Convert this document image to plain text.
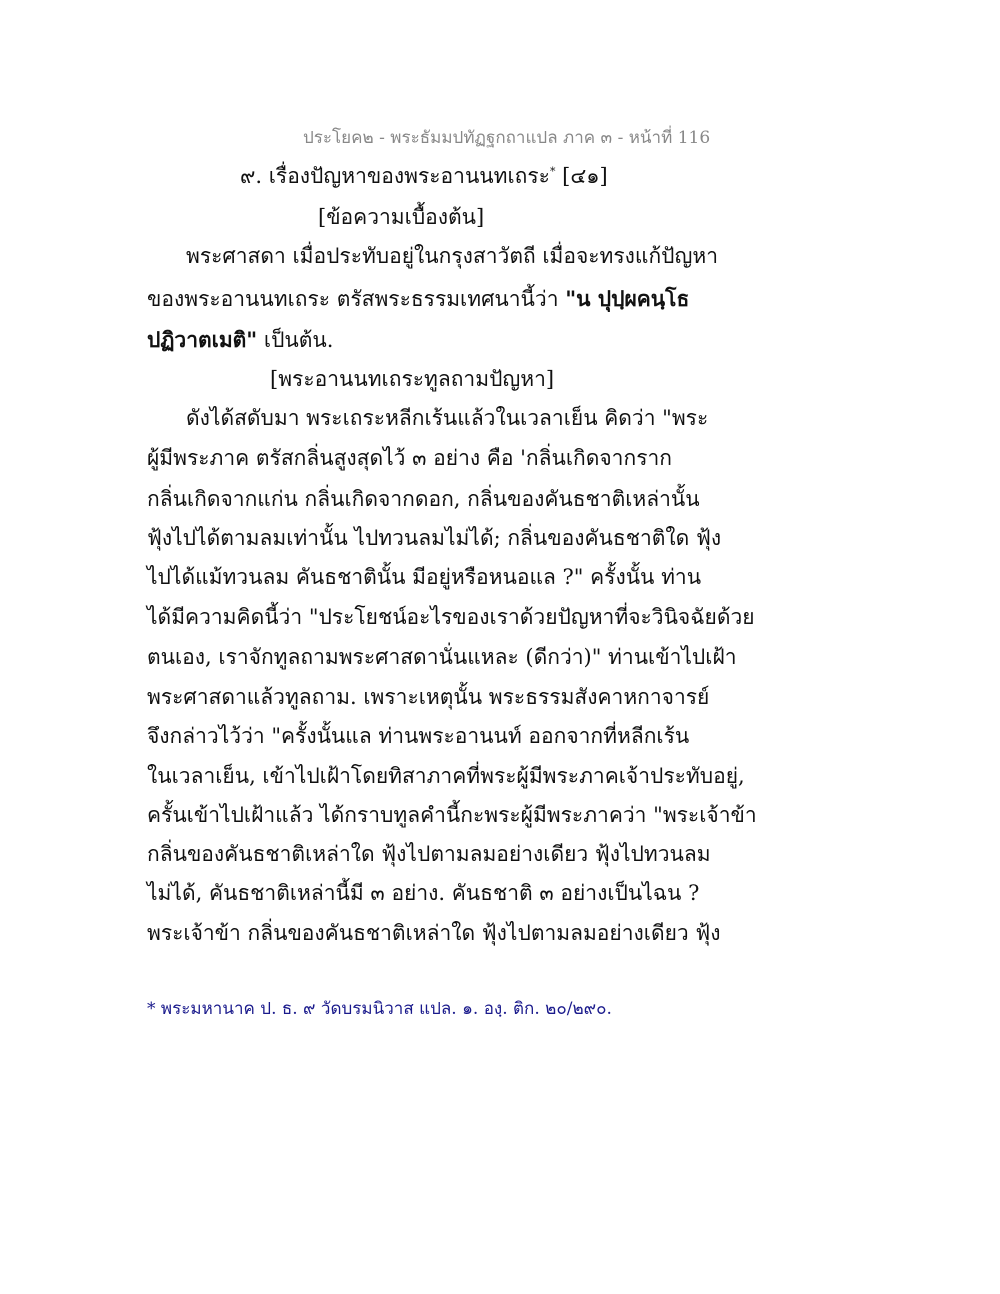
ประโยค๒ - พระธัมมปทัฏฐกถาแปล ภาค ๓ - หน้าที่ 116
๙. เรื่องปัญหาของพระอานนทเถระ* [๔๑]
[ข้อความเบื้องต้น]
พระศาสดา เมื่อประทับอยู่ในกรุงสาวัตถี เมื่อจะทรงแก้ปัญหา
ของพระอานนทเถระ ตรัสพระธรรมเทศนานี้ว่า "น ปุปฺผคนฺโธ
ปฏิวาตเมติ" เป็นต้น.
[พระอานนทเถระทูลถามปัญหา]
ดังได้สดับมา พระเถระหลีกเร้นแล้วในเวลาเย็น คิดว่า "พระ
ผู้มีพระภาค ตรัสกลิ่นสูงสุดไว้ ๓ อย่าง คือ 'กลิ่นเกิดจากราก
กลิ่นเกิดจากแก่น กลิ่นเกิดจากดอก, กลิ่นของคันธชาติเหล่านั้น
ฟุ้งไปได้ตามลมเท่านั้น ไปทวนลมไม่ได้; กลิ่นของคันธชาติใด ฟุ้ง
ไปได้แม้ทวนลม คันธชาตินั้น มีอยู่หรือหนอแล ?" ครั้งนั้น ท่าน
ได้มีความคิดนี้ว่า "ประโยชน์อะไรของเราด้วยปัญหาที่จะวินิจฉัยด้วย
ตนเอง, เราจักทูลถามพระศาสดานั่นแหละ (ดีกว่า)" ท่านเข้าไปเฝ้า
พระศาสดาแล้วทูลถาม. เพราะเหตุนั้น พระธรรมสังคาหกาจารย์
จึงกล่าวไว้ว่า "ครั้งนั้นแล ท่านพระอานนท์ ออกจากที่หลีกเร้น
ในเวลาเย็น, เข้าไปเฝ้าโดยทิสาภาคที่พระผู้มีพระภาคเจ้าประทับอยู่,
ครั้นเข้าไปเฝ้าแล้ว ได้กราบทูลคำนี้กะพระผู้มีพระภาคว่า "พระเจ้าข้า
กลิ่นของคันธชาติเหล่าใด ฟุ้งไปตามลมอย่างเดียว ฟุ้งไปทวนลม
ไม่ได้, คันธชาติเหล่านี้มี ๓ อย่าง. คันธชาติ ๓ อย่างเป็นไฉน ?
พระเจ้าข้า กลิ่นของคันธชาติเหล่าใด ฟุ้งไปตามลมอย่างเดียว ฟุ้ง
* พระมหานาค ป. ธ. ๙ วัดบรมนิวาส แปล. ๑. องฺ. ติก. ๒๐/๒๙๐.
